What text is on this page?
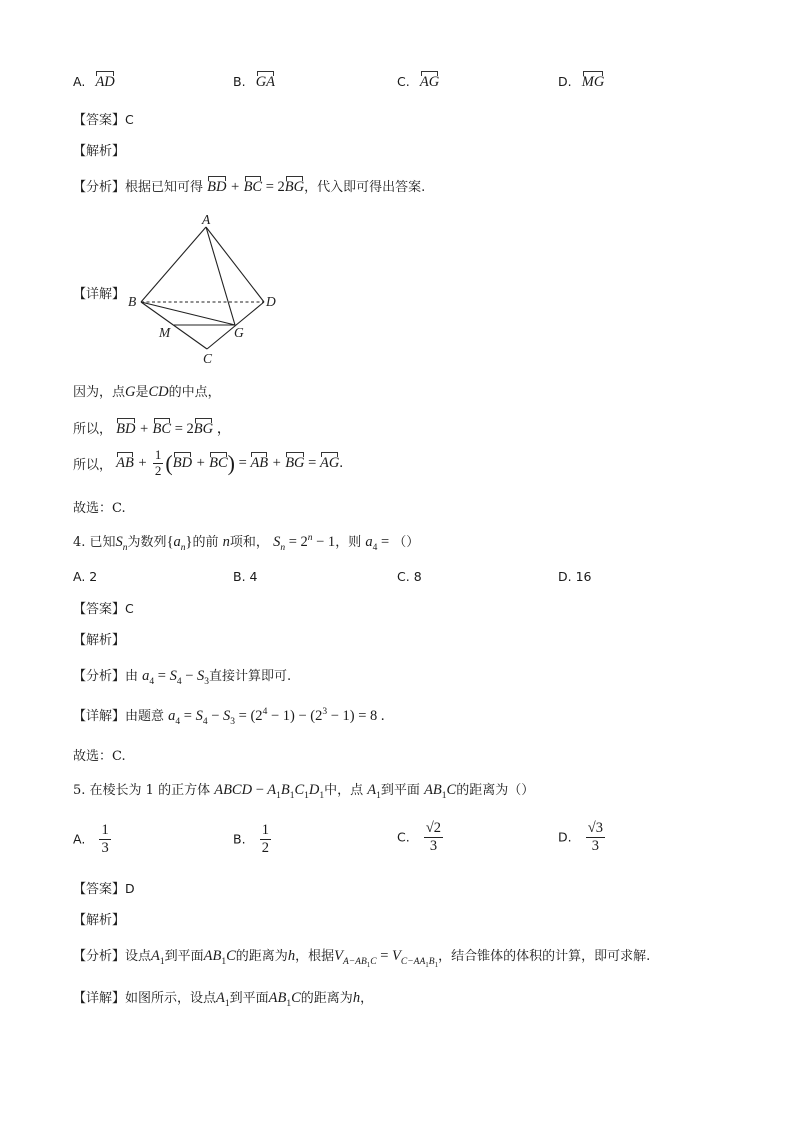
A. AD	B. GA	C. AG	D. MG
【答案】C
【解析】
【分析】根据已知可得 BD + BC = 2BG，代入即可得出答案.
【详解】
A
B	D
M	G
C
因为，点G是CD的中点，
所以， BD + BC = 2BG ，
所以， AB + $\frac{1}{2} (BD + BC)$ = AB + BG = AG.
故选：C.
4. 已知$S_n$为数列$\{a_n\}$的前 n项和， $S_n = 2^n - 1$，则 $a_4$ = （）
A. 2	B. 4	C. 8	D. 16
【答案】C
【解析】
【分析】由 $a_4 = S_4 - S_3$直接计算即可.
【详解】由题意 $a_4 = S_4 - S_3 = (2^4 - 1) - (2^3 - 1) = 8$ .
故选：C.
5. 在棱长为 1 的正方体 ABCD − $A_1B_1C_1D_1$中，点 $A_1$到平面 $AB_1C$的距离为（）
A. $\frac{1}{3}$	B. $\frac{1}{2}$	C. $\frac{√2}{3}$	D. $\frac{√3}{3}$
【答案】D
【解析】
【分析】设点$A_1$到平面$AB_1C$的距离为h，根据$V_{A-AB_1C} = V_{C-AA_1B_1}$，结合锥体的体积的计算，即可求解.
【详解】如图所示，设点$A_1$到平面$AB_1C$的距离为h，
